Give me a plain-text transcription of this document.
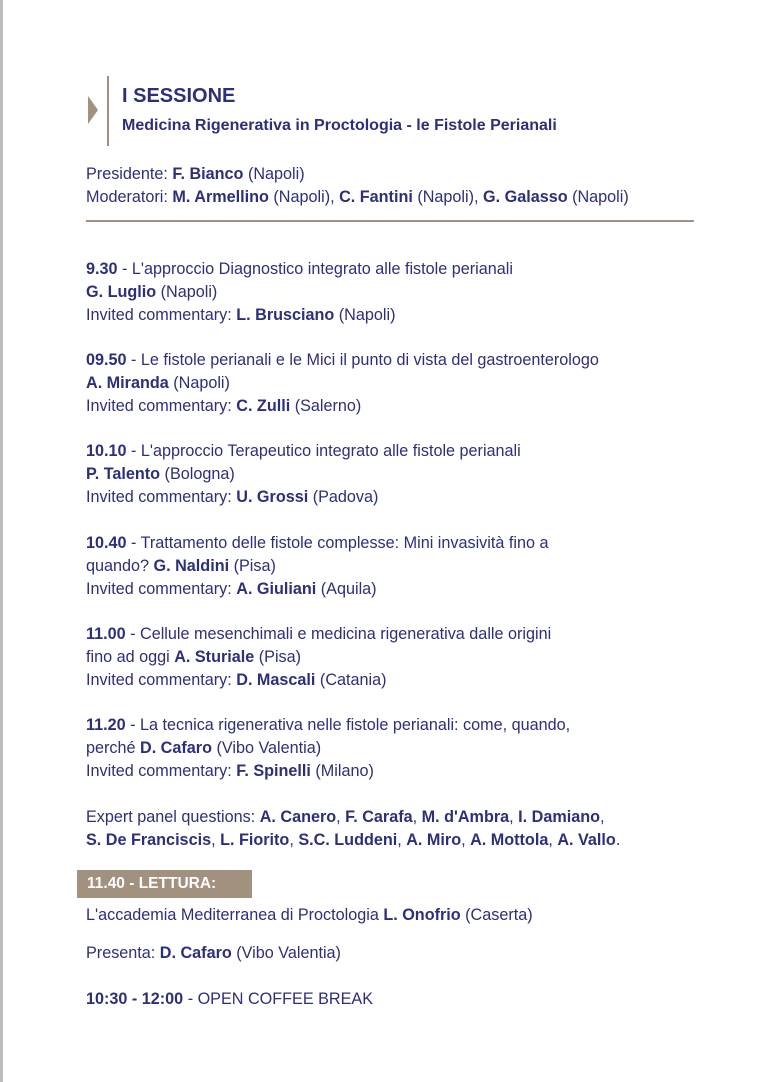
I SESSIONE
Medicina Rigenerativa in Proctologia - le Fistole Perianali
Presidente: F. Bianco (Napoli)
Moderatori: M. Armellino (Napoli), C. Fantini (Napoli), G. Galasso (Napoli)
9.30 - L'approccio Diagnostico integrato alle fistole perianali
G. Luglio (Napoli)
Invited commentary: L. Brusciano (Napoli)
09.50 - Le fistole perianali e le Mici il punto di vista del gastroenterologo
A. Miranda (Napoli)
Invited commentary: C. Zulli (Salerno)
10.10 - L'approccio Terapeutico integrato alle fistole perianali
P. Talento (Bologna)
Invited commentary: U. Grossi (Padova)
10.40 - Trattamento delle fistole complesse: Mini invasività fino a
quando? G. Naldini (Pisa)
Invited commentary: A. Giuliani (Aquila)
11.00 - Cellule mesenchimali e medicina rigenerativa dalle origini
fino ad oggi A. Sturiale (Pisa)
Invited commentary: D. Mascali (Catania)
11.20 - La tecnica rigenerativa nelle fistole perianali: come, quando,
perché D. Cafaro (Vibo Valentia)
Invited commentary: F. Spinelli (Milano)
Expert panel questions: A. Canero, F. Carafa, M. d'Ambra, I. Damiano,
S. De Franciscis, L. Fiorito, S.C. Luddeni, A. Miro, A. Mottola, A. Vallo.
11.40 - LETTURA:
L'accademia Mediterranea di Proctologia L. Onofrio (Caserta)
Presenta: D. Cafaro (Vibo Valentia)
10:30 - 12:00 - OPEN COFFEE BREAK
